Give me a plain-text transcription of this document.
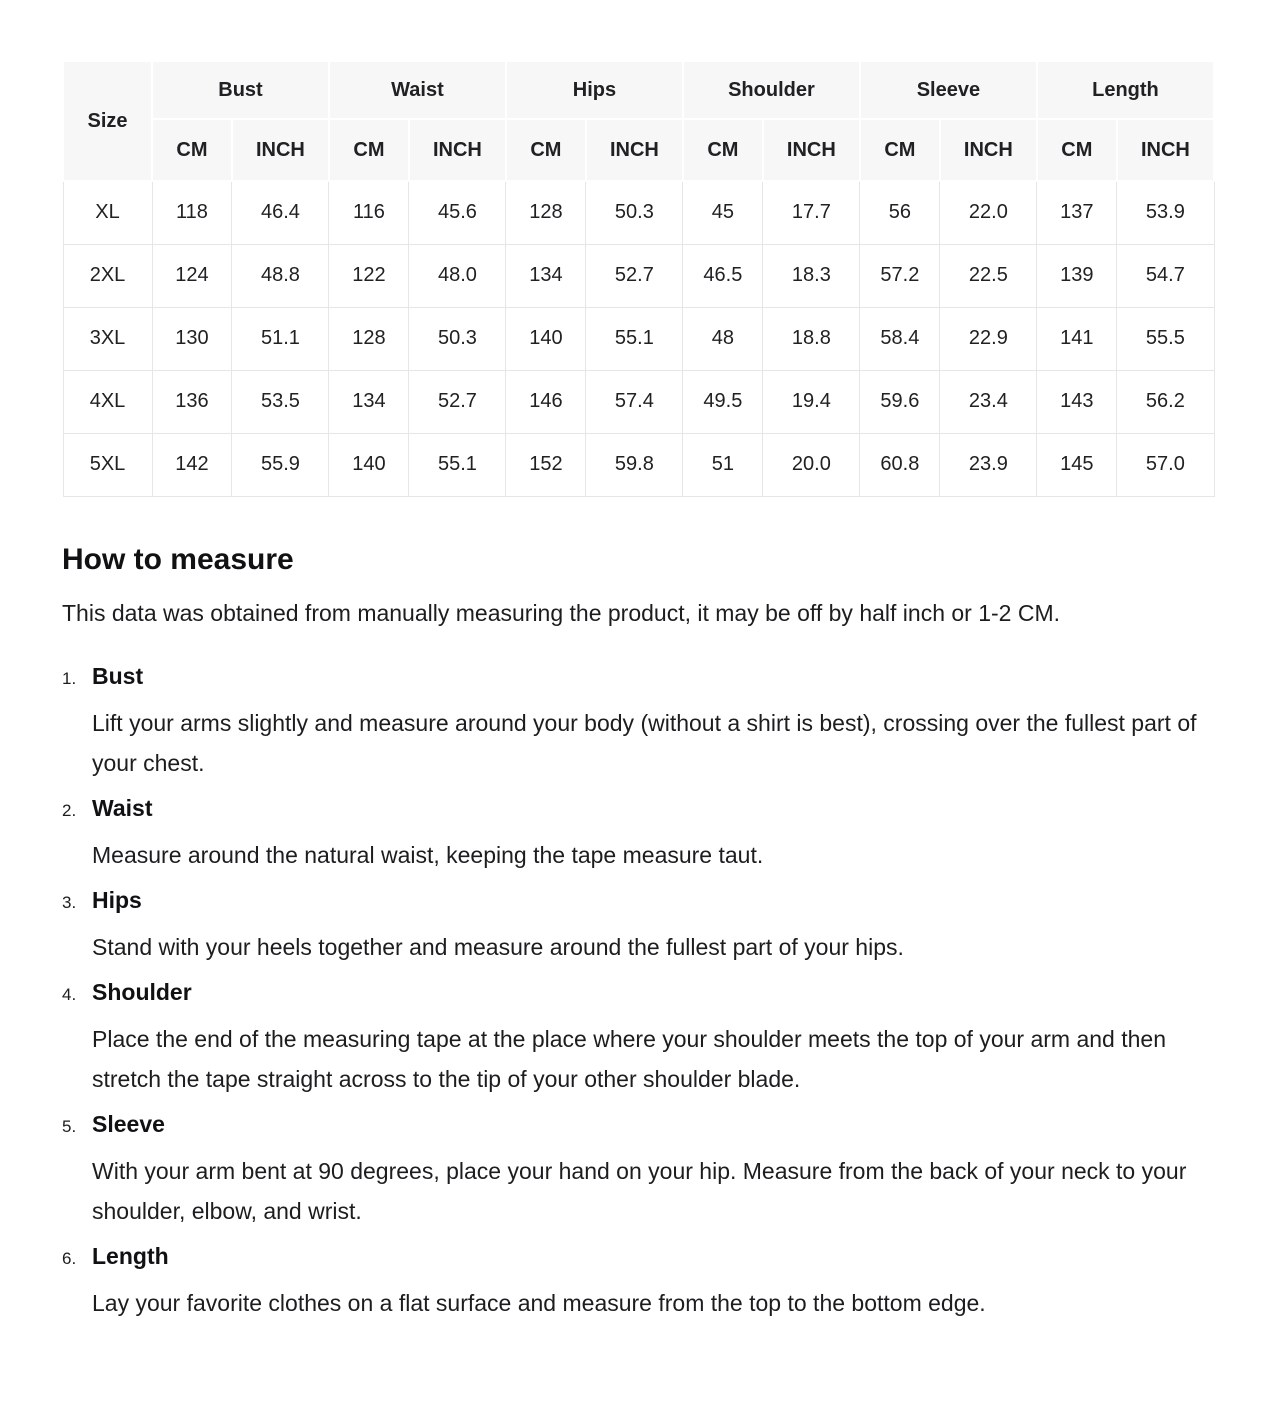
Size	Bust		Waist		Hips		Shoulder		Sleeve		Length	
	CM	INCH	CM	INCH	CM	INCH	CM	INCH	CM	INCH	CM	INCH
XL	118	46.4	116	45.6	128	50.3	45	17.7	56	22.0	137	53.9
2XL	124	48.8	122	48.0	134	52.7	46.5	18.3	57.2	22.5	139	54.7
3XL	130	51.1	128	50.3	140	55.1	48	18.8	58.4	22.9	141	55.5
4XL	136	53.5	134	52.7	146	57.4	49.5	19.4	59.6	23.4	143	56.2
5XL	142	55.9	140	55.1	152	59.8	51	20.0	60.8	23.9	145	57.0
How to measure

This data was obtained from manually measuring the product, it may be off by half inch or 1-2 CM.

1. Bust
Lift your arms slightly and measure around your body (without a shirt is best), crossing over the fullest part of your chest.
2. Waist
Measure around the natural waist, keeping the tape measure taut.
3. Hips
Stand with your heels together and measure around the fullest part of your hips.
4. Shoulder
Place the end of the measuring tape at the place where your shoulder meets the top of your arm and then stretch the tape straight across to the tip of your other shoulder blade.
5. Sleeve
With your arm bent at 90 degrees, place your hand on your hip. Measure from the back of your neck to your shoulder, elbow, and wrist.
6. Length
Lay your favorite clothes on a flat surface and measure from the top to the bottom edge.
